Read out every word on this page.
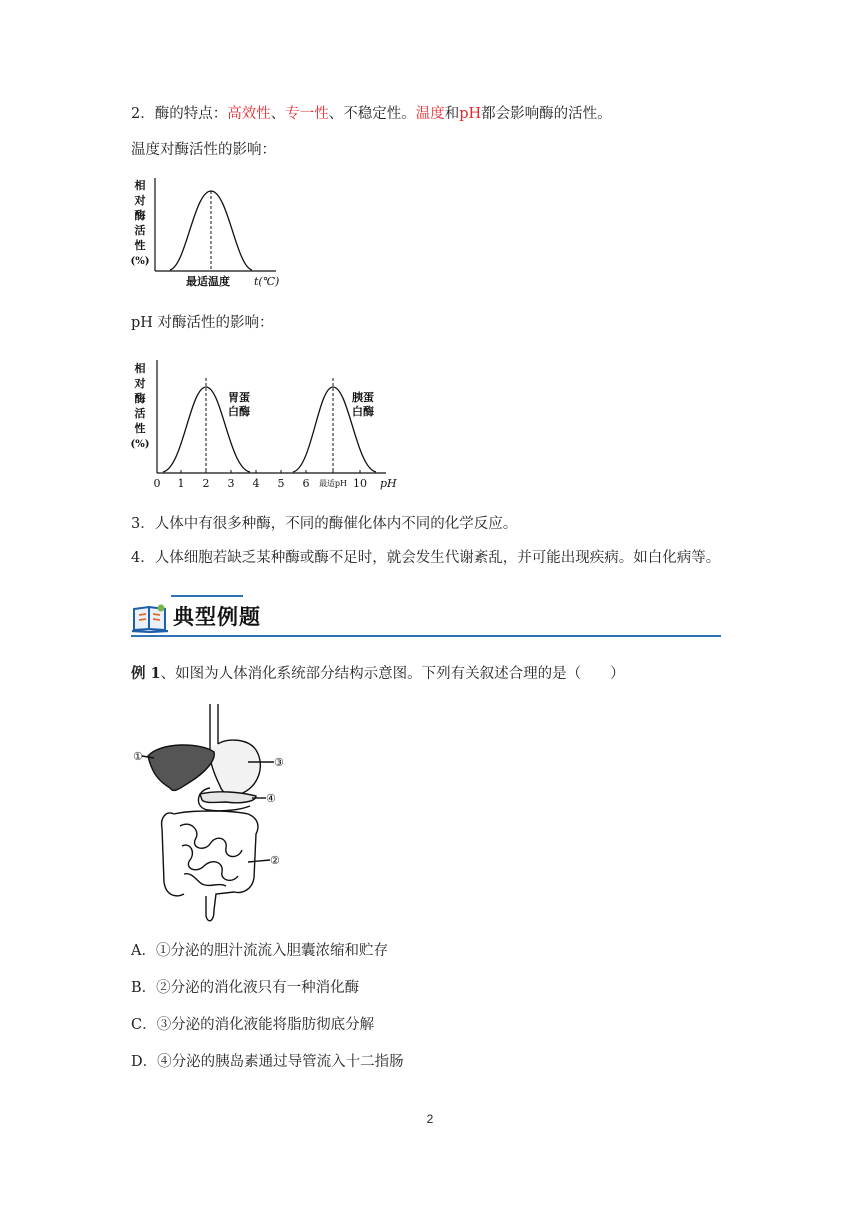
2．酶的特点：高效性、专一性、不稳定性。温度和pH都会影响酶的活性。
温度对酶活性的影响：
相
对
酶
活
性
(%)
最适温度 t(℃)
pH 对酶活性的影响：
相
对
酶
活
性
(%)
胃蛋
白酶
胰蛋
白酶
0 1 2 3 4 5 6 最适pH 10 pH
3．人体中有很多种酶，不同的酶催化体内不同的化学反应。
4．人体细胞若缺乏某种酶或酶不足时，就会发生代谢紊乱，并可能出现疾病。如白化病等。
典型例题
例 1、如图为人体消化系统部分结构示意图。下列有关叙述合理的是（　　）
①	③
④
②
A．①分泌的胆汁流流入胆囊浓缩和贮存
B．②分泌的消化液只有一种消化酶
C．③分泌的消化液能将脂肪彻底分解
D．④分泌的胰岛素通过导管流入十二指肠
2
